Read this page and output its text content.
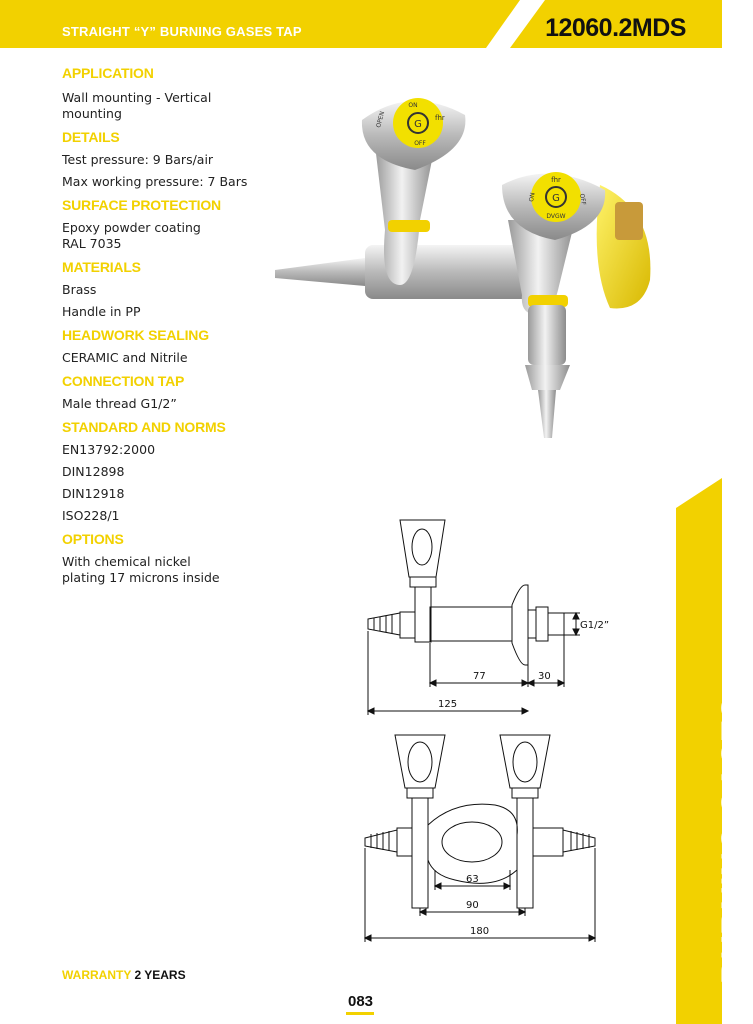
STRAIGHT “Y” BURNING GASES TAP	12060.2MDS
APPLICATION
Wall mounting - Vertical mounting
DETAILS
Test pressure: 9 Bars/air
Max working pressure: 7 Bars
SURFACE PROTECTION
Epoxy powder coating RAL 7035
MATERIALS
Brass
Handle in PP
HEADWORK SEALING
CERAMIC and Nitrile
CONNECTION TAP
Male thread G1/2”
STANDARD AND NORMS
EN13792:2000
DIN12898
DIN12918
ISO228/1
OPTIONS
With chemical nickel plating 17 microns inside
G
ON
OPEN
OFF
fhr
G
fhr
ON	OFF
DVGW
G1/2”
77	30
125
63
90
180	BURNING GASES
WARRANTY 2 YEARS
083
